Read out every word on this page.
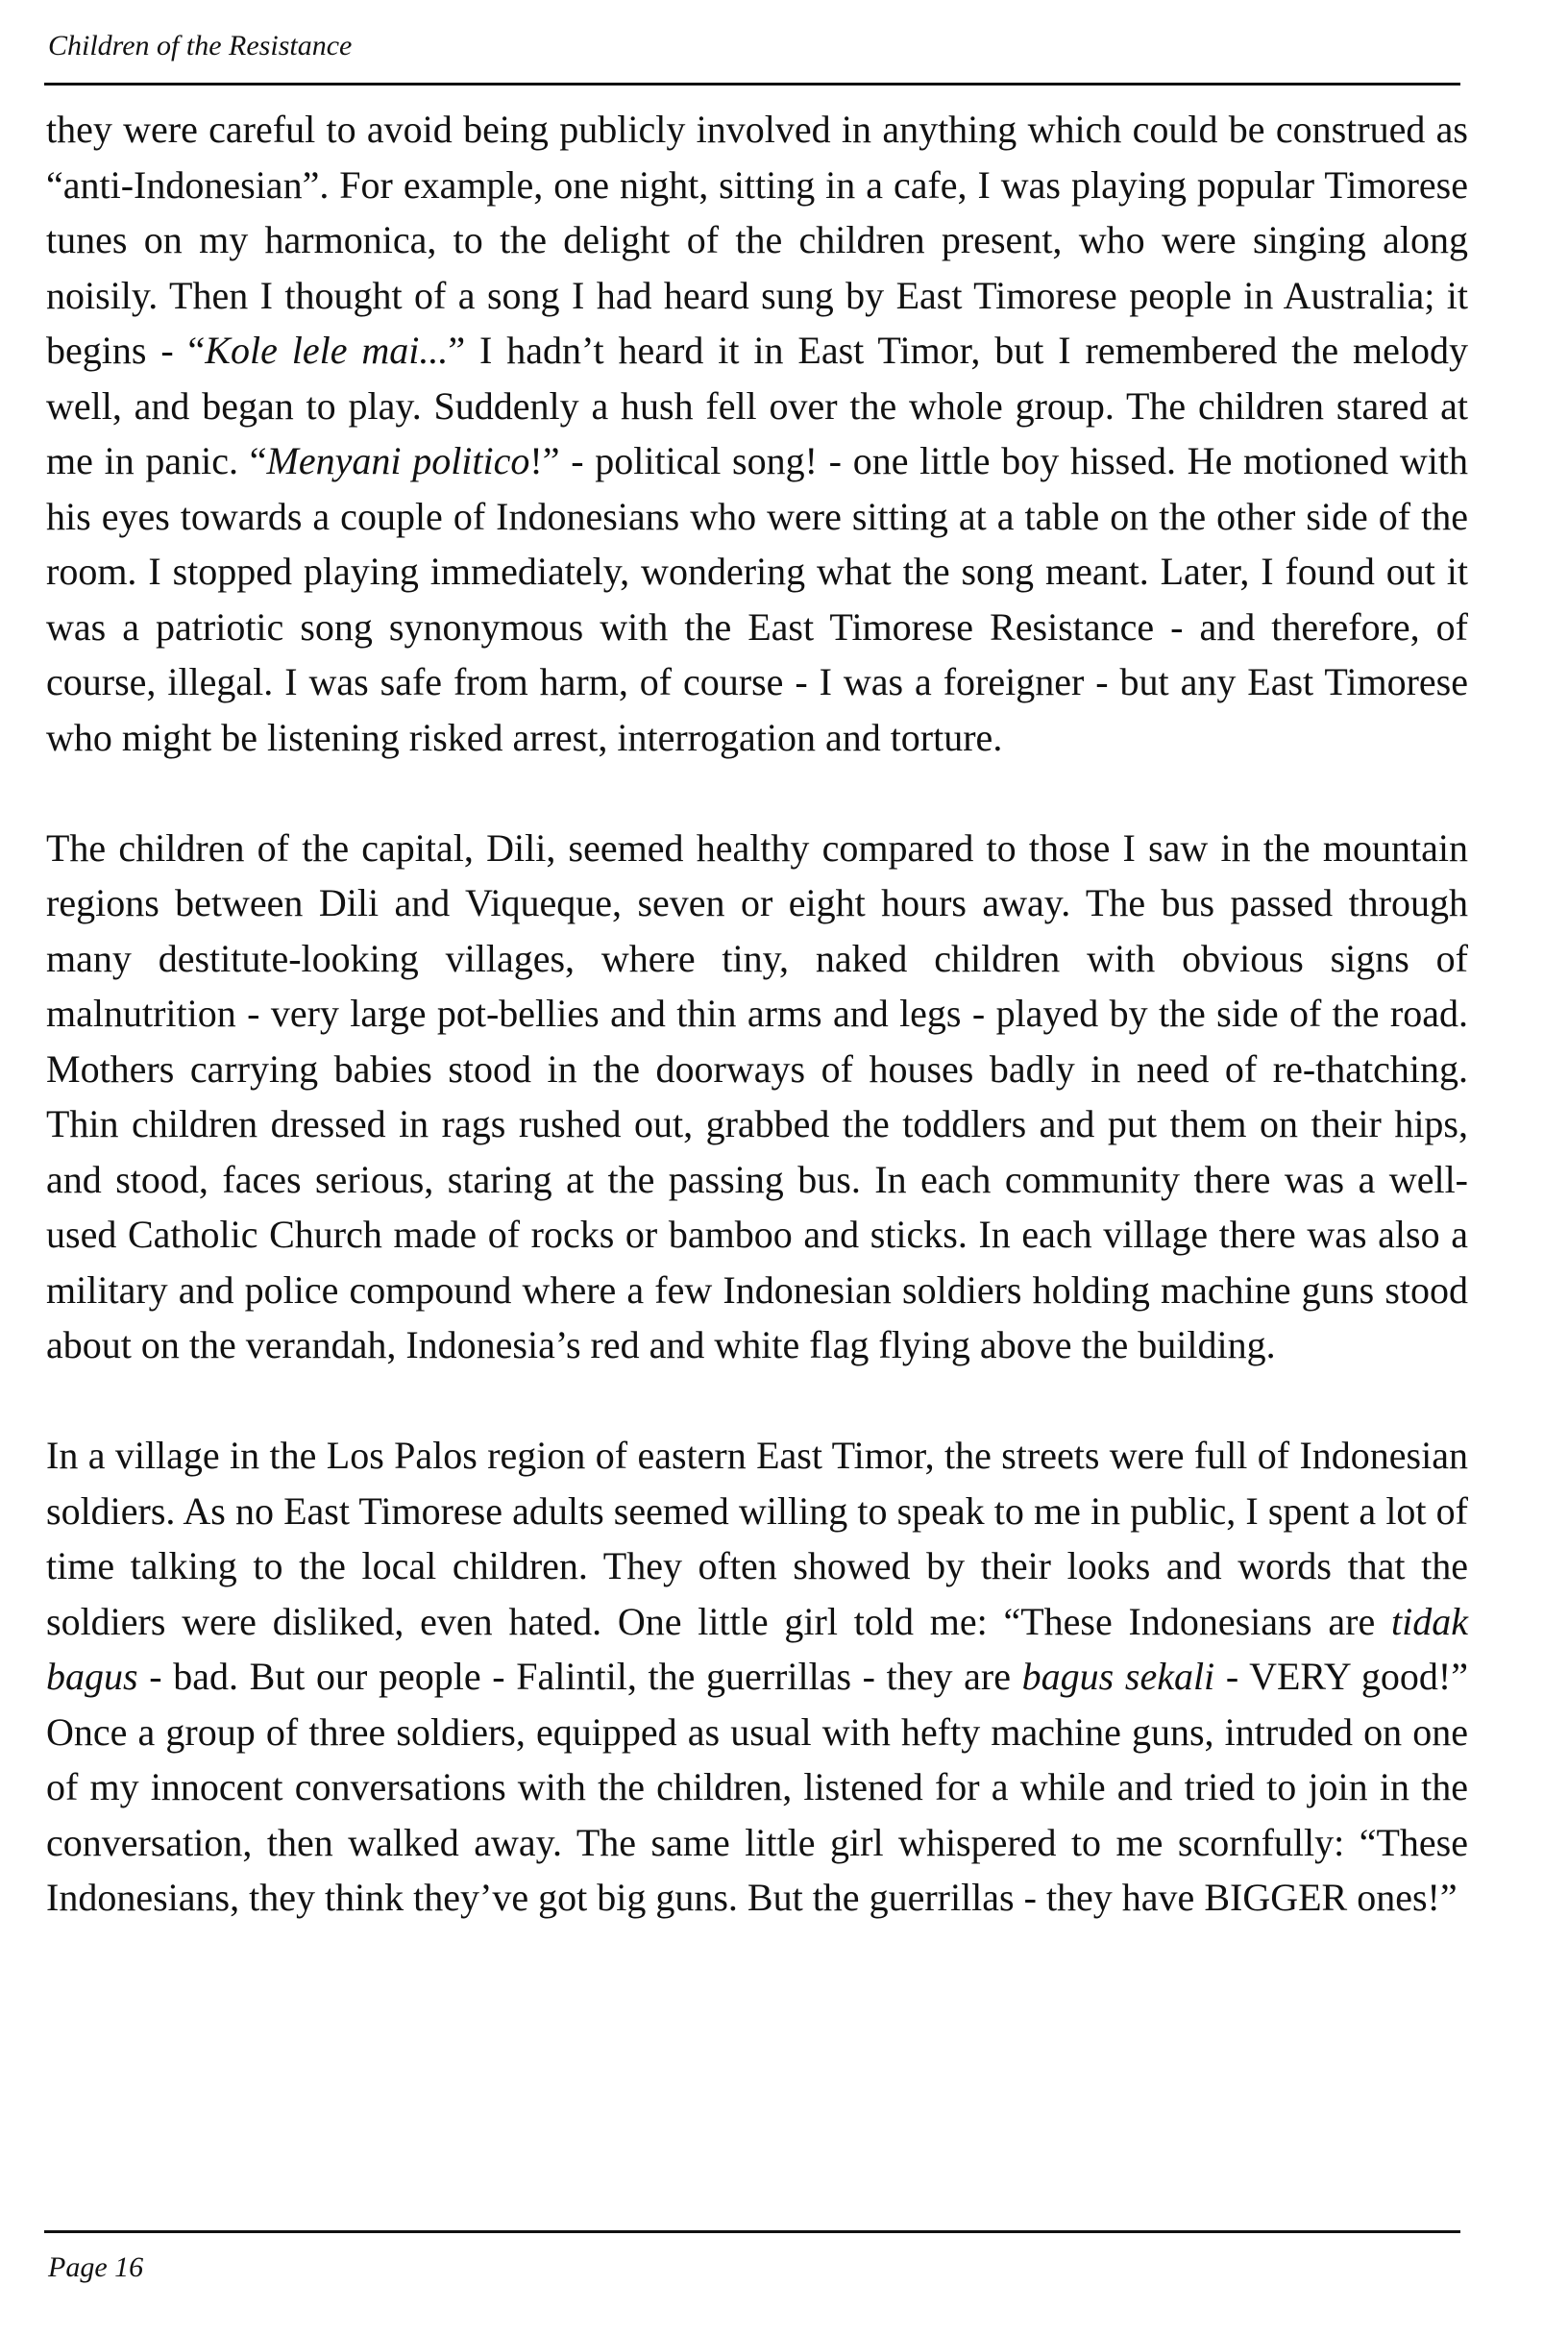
Children of the Resistance

they were careful to avoid being publicly involved in anything which could be construed as “anti-Indonesian”. For example, one night, sitting in a cafe, I was playing popular Timorese tunes on my harmonica, to the delight of the children present, who were singing along noisily. Then I thought of a song I had heard sung by East Timorese people in Australia; it begins - “Kole lele mai...” I hadn’t heard it in East Timor, but I remembered the melody well, and began to play. Suddenly a hush fell over the whole group. The children stared at me in panic. “Menyani politico!” - political song! - one little boy hissed. He motioned with his eyes towards a couple of Indonesians who were sitting at a table on the other side of the room. I stopped playing immediately, wondering what the song meant. Later, I found out it was a patriotic song synonymous with the East Timorese Resistance - and therefore, of course, illegal. I was safe from harm, of course - I was a foreigner - but any East Timorese who might be listening risked arrest, interrogation and torture.

The children of the capital, Dili, seemed healthy compared to those I saw in the mountain regions between Dili and Viqueque, seven or eight hours away. The bus passed through many destitute-looking villages, where tiny, naked children with obvious signs of malnutrition - very large pot-bellies and thin arms and legs - played by the side of the road. Mothers carrying babies stood in the doorways of houses badly in need of re-thatching. Thin children dressed in rags rushed out, grabbed the toddlers and put them on their hips, and stood, faces serious, staring at the passing bus. In each community there was a well-used Catholic Church made of rocks or bamboo and sticks. In each village there was also a military and police compound where a few Indonesian soldiers holding machine guns stood about on the verandah, Indonesia’s red and white flag flying above the building.

In a village in the Los Palos region of eastern East Timor, the streets were full of Indonesian soldiers. As no East Timorese adults seemed willing to speak to me in public, I spent a lot of time talking to the local children. They often showed by their looks and words that the soldiers were disliked, even hated. One little girl told me: “These Indonesians are tidak bagus - bad. But our people - Falintil, the guerrillas - they are bagus sekali - VERY good!” Once a group of three soldiers, equipped as usual with hefty machine guns, intruded on one of my innocent conversations with the children, listened for a while and tried to join in the conversation, then walked away. The same little girl whispered to me scornfully: “These Indonesians, they think they’ve got big guns. But the guerrillas - they have BIGGER ones!”

Page 16
